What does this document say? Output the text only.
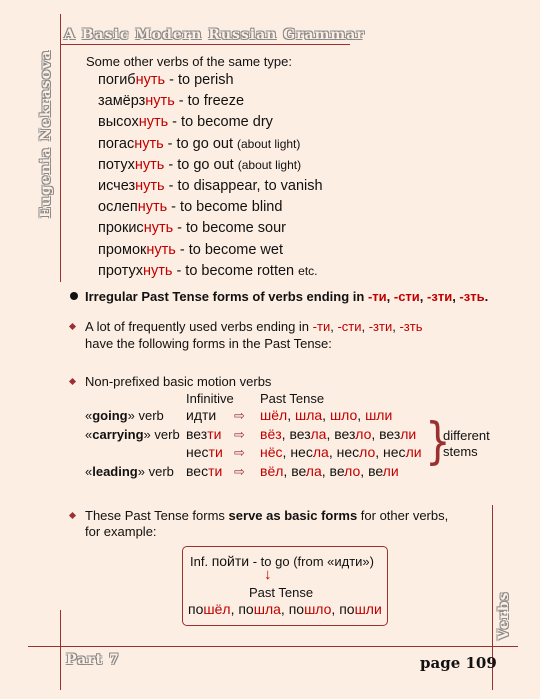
A Basic Modern Russian Grammar
Eugenia Nekrasova
Verbs
Part 7	page 109
Some other verbs of the same type:
погибнуть - to perish
замёрзнуть - to freeze
высохнуть - to become dry
погаснуть - to go out (about light)
потухнуть - to go out (about light)
исчезнуть - to disappear, to vanish
ослепнуть - to become blind
прокиснуть - to become sour
промокнуть - to become wet
протухнуть - to become rotten etc.
Irregular Past Tense forms of verbs ending in -ти, -сти, -зти, -зть.
A lot of frequently used verbs ending in -ти, -сти, -зти, -зть
have the following forms in the Past Tense:
Non-prefixed basic motion verbs
Infinitive Past Tense
«going» verb идти ⇨ шёл, шла, шло, шли
«carrying» verb везти ⇨ вёз, везла, везло, везли
нести ⇨ нёс, несла, несло, несли
«leading» verb вести ⇨ вёл, вела, вело, вели
}
different
stems
These Past Tense forms serve as basic forms for other verbs,
for example:
Inf. пойти - to go (from «идти»)
↓
Past Tense
пошёл, пошла, пошло, пошли
